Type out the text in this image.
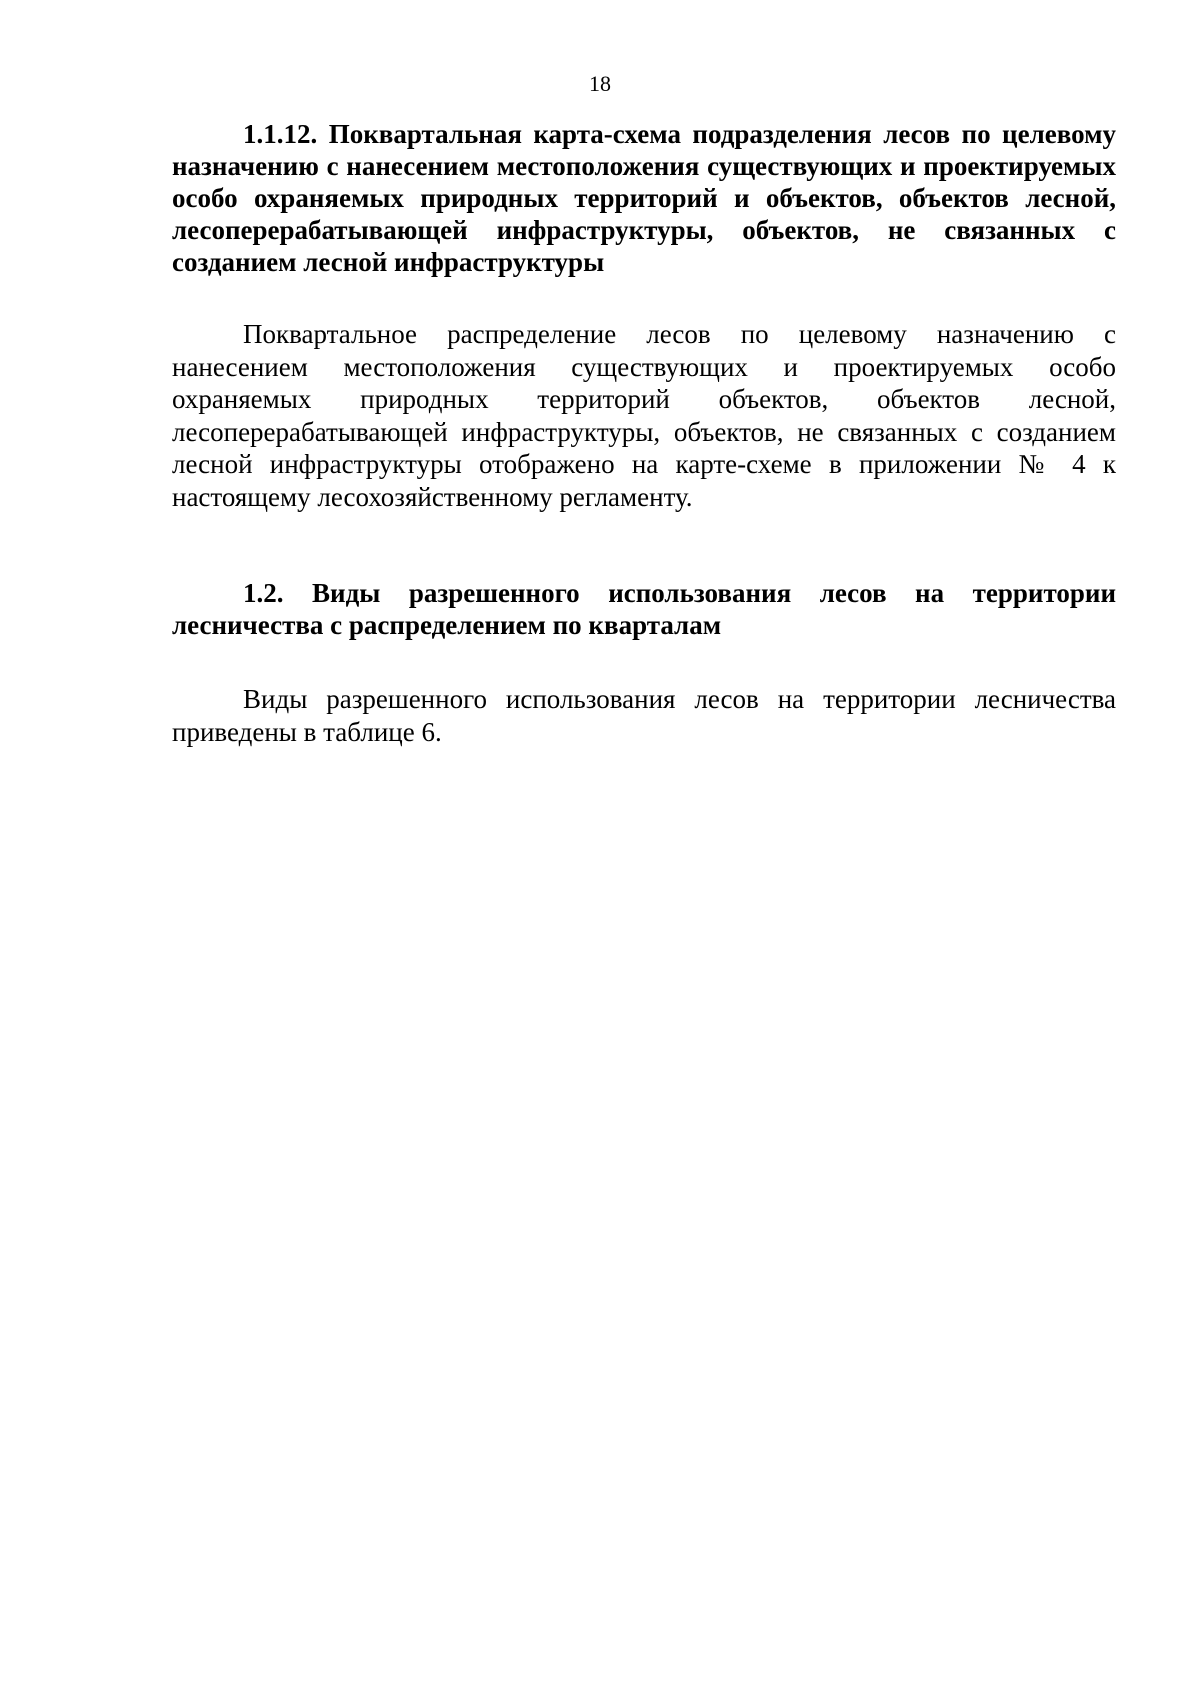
18

1.1.12. Поквартальная карта-схема подразделения лесов по целевому назначению с нанесением местоположения существующих и проектируемых особо охраняемых природных территорий и объектов, объектов лесной, лесоперерабатывающей инфраструктуры, объектов, не связанных с созданием лесной инфраструктуры

Поквартальное распределение лесов по целевому назначению с нанесением местоположения существующих и проектируемых особо охраняемых природных территорий объектов, объектов лесной, лесоперерабатывающей инфраструктуры, объектов, не связанных с созданием лесной инфраструктуры отображено на карте-схеме в приложении № 4 к настоящему лесохозяйственному регламенту.

1.2. Виды разрешенного использования лесов на территории лесничества с распределением по кварталам

Виды разрешенного использования лесов на территории лесничества приведены в таблице 6.
